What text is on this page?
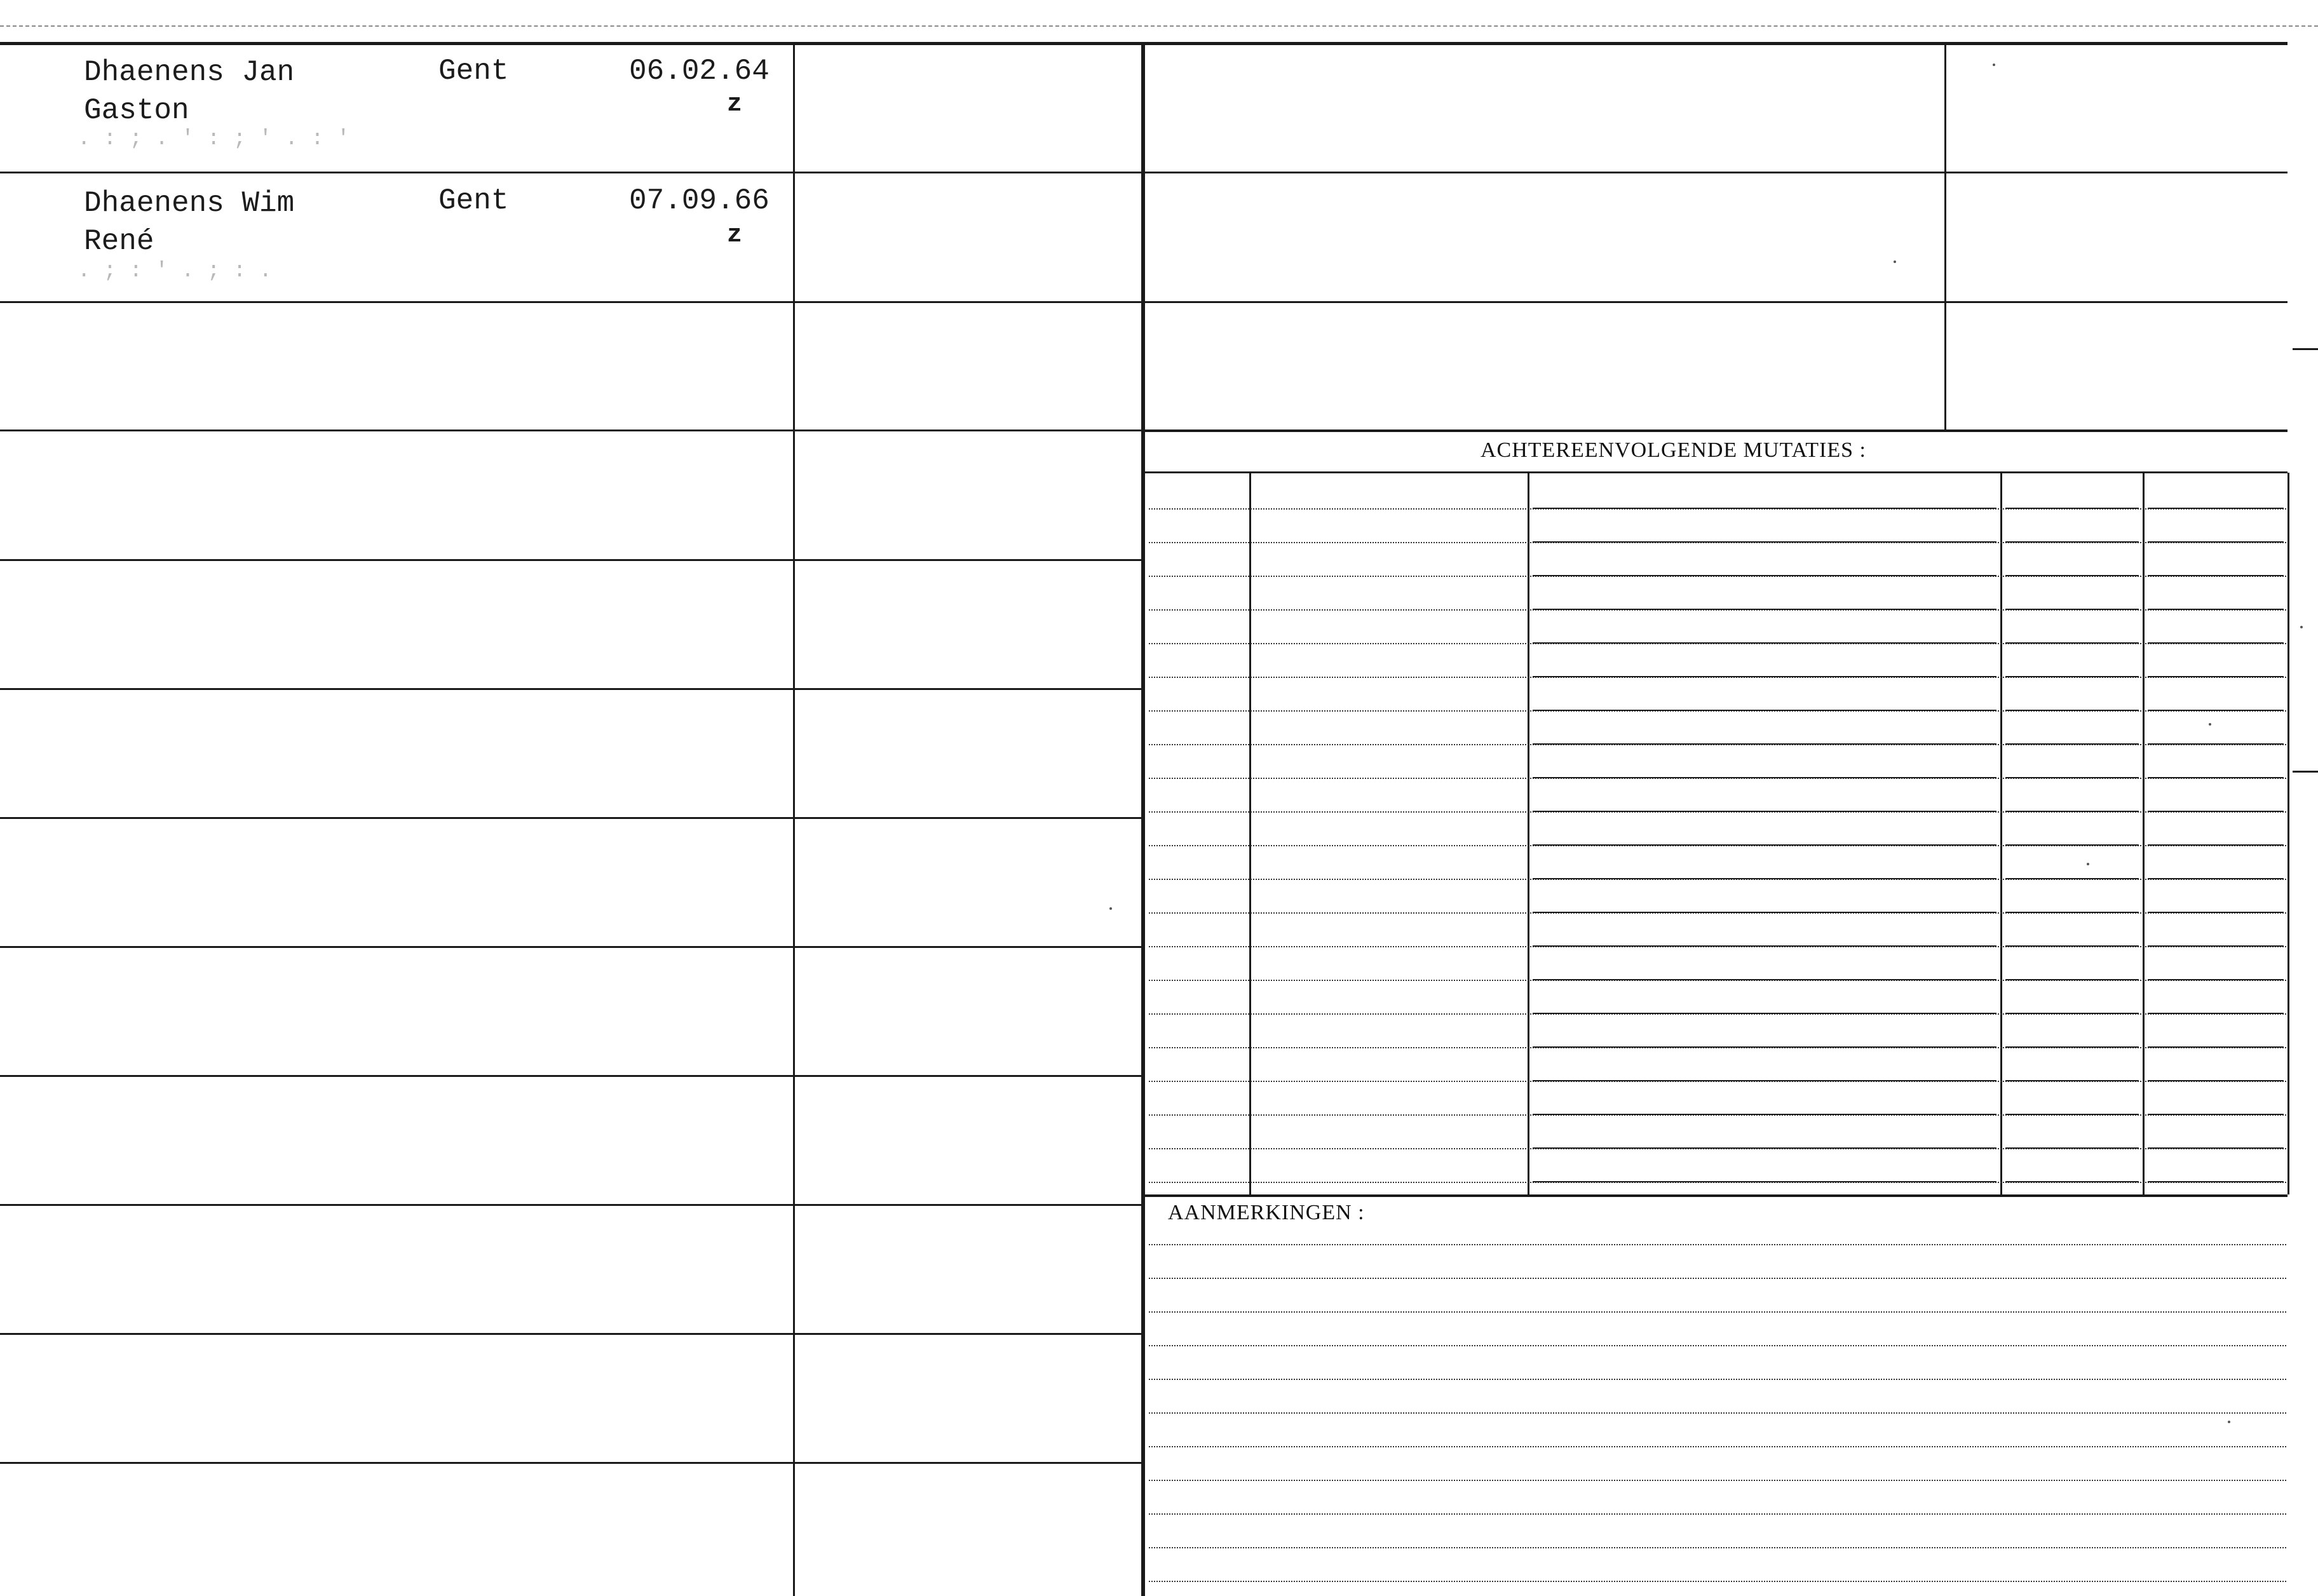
ACHTEREENVOLGENDE MUTATIES :
AANMERKINGEN :
Dhaenens Jan
Gaston
Gent	06.02.64
z
. : ; . ' : ; ' . : '
Dhaenens Wim
René
Gent	07.09.66
z
. ; : ' . ; : .
